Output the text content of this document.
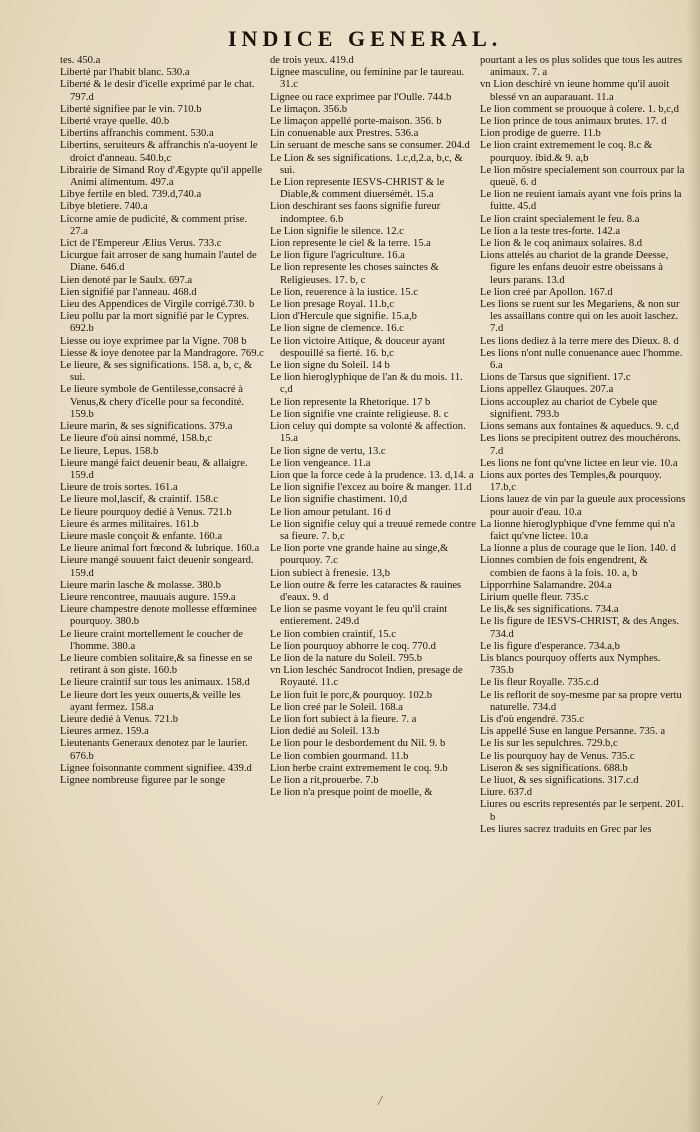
INDICE GENERAL.

tes. 450.a

Liberté par l'habit blanc. 530.a

Liberté & le desir d'icelle exprimé par le chat. 797.d

Liberté signifiee par le vin. 710.b

Liberté vraye quelle. 40.b

Libertins affranchis comment. 530.a

Libertins, seruiteurs & affranchis n'a-uoyent le droict d'anneau. 540.b,c

Librairie de Simand Roy d'Ægypte qu'il appelle Animi alimentum. 497.a

Libye fertile en bled. 739.d,740.a

Libye bletiere. 740.a

Licorne amie de pudicité, & comment prise. 27.a

Lict de l'Empereur Ælius Verus. 733.c

Licurgue fait arroser de sang humain l'autel de Diane. 646.d

Lien denoté par le Saulx. 697.a

Lien signifié par l'anneau. 468.d

Lieu des Appendices de Virgile corrigé.730. b

Lieu pollu par la mort signifié par le Cypres. 692.b

Liesse ou ioye exprimee par la Vigne. 708 b

Liesse & ioye denotee par la Mandragore. 769.c

Le lieure, & ses significations. 158. a, b, c, & sui.

Le lieure symbole de Gentilesse,consacré à Venus,& chery d'icelle pour sa fecondité. 159.b

Lieure marin, & ses significations. 379.a

Le lieure d'où ainsi nommé, 158.b,c

Le lieure, Lepus. 158.b

Lieure mangé faict deuenir beau, & allaigre. 159.d

Lieure de trois sortes. 161.a

Le lieure mol,lascif, & craintif. 158.c

Le lieure pourquoy dedié à Venus. 721.b

Lieure és armes militaires. 161.b

Lieure masle conçoit & enfante. 160.a

Le lieure animal fort fœcond & lubrique. 160.a

Lieure mangé souuent faict deuenir songeard. 159.d

Lieure marin lasche & molasse. 380.b

Lieure rencontree, mauuais augure. 159.a

Lieure champestre denote mollesse effœminee pourquoy. 380.b

Le lieure craint mortellement le coucher de l'homme. 380.a

Le lieure combien solitaire,& sa finesse en se retirant à son giste. 160.b

Le lieure craintif sur tous les animaux. 158.d

Le lieure dort les yeux ouuerts,& veille les ayant fermez. 158.a

Lieure dedié à Venus. 721.b

Lieures armez. 159.a

Lieutenants Generaux denotez par le laurier. 676.b

Lignee foisonnante comment signifiee. 439.d

Lignee nombreuse figuree par le songe

de trois yeux. 419.d

Lignee masculine, ou feminine par le taureau. 31.c

Lignee ou race exprimee par l'Oulle. 744.b

Le limaçon. 356.b

Le limaçon appellé porte-maison. 356. b

Lin conuenable aux Prestres. 536.a

Lin seruant de mesche sans se consumer. 204.d

Le Lion & ses significations. 1.c,d,2.a, b,c, & sui.

Le Lion represente IESVS-CHRIST & le Diable,& comment diuersémét. 15.a

Lion deschirant ses faons signifie fureur indomptee. 6.b

Le Lion signifie le silence. 12.c

Lion represente le ciel & la terre. 15.a

Le lion figure l'agriculture. 16.a

Le lion represente les choses sainctes & Religieuses. 17. b, c

Le lion, reuerence à la iustice. 15.c

Le lion presage Royal. 11.b,c

Lion d'Hercule que signifie. 15.a,b

Le lion signe de clemence. 16.c

Le lion victoire Attique, & douceur ayant despouillé sa fierté. 16. b,c

Le lion signe du Soleil. 14 b

Le lion hieroglyphique de l'an & du mois. 11. c,d

Le lion represente la Rhetorique. 17 b

Le lion signifie vne crainte religieuse. 8. c

Lion celuy qui dompte sa volonté & affection. 15.a

Le lion signe de vertu, 13.c

Le lion vengeance. 11.a

Lion que la force cede à la prudence. 13. d,14. a

Le lion signifie l'excez au boire & manger. 11.d

Le lion signifie chastiment. 10,d

Le lion amour petulant. 16 d

Le lion signifie celuy qui a treuué remede contre sa fieure. 7. b,c

Le lion porte vne grande haine au singe,& pourquoy. 7.c

Lion subiect à frenesie. 13,b

Le lion outre & ferre les cataractes & rauines d'eaux. 9. d

Le lion se pasme voyant le feu qu'il craint entierement. 249.d

Le lion combien craintif, 15.c

Le lion pourquoy abhorre le coq. 770.d

Le lion de la nature du Soleil. 795.b

vn Lion leschéc Sandrocot Indien, presage de Royauté. 11.c

Le lion fuit le porc,& pourquoy. 102.b

Le lion creé par le Soleil. 168.a

Le lion fort subiect à la fieure. 7. a

Lion dedié au Soleil. 13.b

Le lion pour le desbordement du Nil. 9. b

Le lion combien gourmand. 11.b

Lion herbe craint extremement le coq. 9.b

Le lion a rit,prouerbe. 7.b

Le lion n'a presque point de moelle, &

pourtant a les os plus solides que tous les autres animaux. 7. a

vn Lion deschiré vn ieune homme qu'il auoit blessé vn an auparauant. 11.a

Le lion comment se prouoque à colere. 1. b,c,d

Le lion prince de tous animaux brutes. 17. d

Lion prodige de guerre. 11.b

Le lion craint extremement le coq. 8.c & pourquoy. ibid.& 9. a,b

Le lion mõstre specialement son courroux par la queuë. 6. d

Le lion ne reuient iamais ayant vne fois prins la fuitte. 45.d

Le lion craint specialement le feu. 8.a

Le lion a la teste tres-forte. 142.a

Le lion & le coq animaux solaires. 8.d

Lions attelés au chariot de la grande Deesse, figure les enfans deuoir estre obeissans à leurs parans. 13.d

Le lion creé par Apollon. 167.d

Les lions se ruent sur les Megariens, & non sur les assaillans contre qui on les auoit laschez. 7.d

Les lions dediez à la terre mere des Dieux. 8. d

Les lions n'ont nulle conuenance auec l'homme. 6.a

Lions de Tarsus que signifient. 17.c

Lions appellez Glauques. 207.a

Lions accouplez au chariot de Cybele que signifient. 793.b

Lions semans aux fontaines & aqueducs. 9. c,d

Les lions se precipitent outrez des mouchérons. 7.d

Les lions ne font qu'vne lictee en leur vie. 10.a

Lions aux portes des Temples,& pourquoy. 17.b,c

Lions lauez de vin par la gueule aux processions pour auoir d'eau. 10.a

La lionne hieroglyphique d'vne femme qui n'a faict qu'vne lictee. 10.a

La lionne a plus de courage que le lion. 140. d

Lionnes combien de fois engendrent, & combien de faons à la fois. 10. a, b

Lipporrhine Salamandre. 204.a

Lirium quelle fleur. 735.c

Le lis,& ses significations. 734.a

Le lis figure de IESVS-CHRIST, & des Anges. 734.d

Le lis figure d'esperance. 734.a,b

Lis blancs pourquoy offerts aux Nymphes. 735.b

Le lis fleur Royalle. 735.c.d

Le lis reflorit de soy-mesme par sa propre vertu naturelle. 734.d

Lis d'où engendré. 735.c

Lis appellé Suse en langue Persanne. 735. a

Le lis sur les sepulchres. 729.b,c

Le lis pourquoy hay de Venus. 735.c

Liseron & ses significations. 688.b

Le liuot, & ses significations. 317.c.d

Liure. 637.d

Liures ou escrits representés par le serpent. 201. b

Les liures sacrez traduits en Grec par les

/
